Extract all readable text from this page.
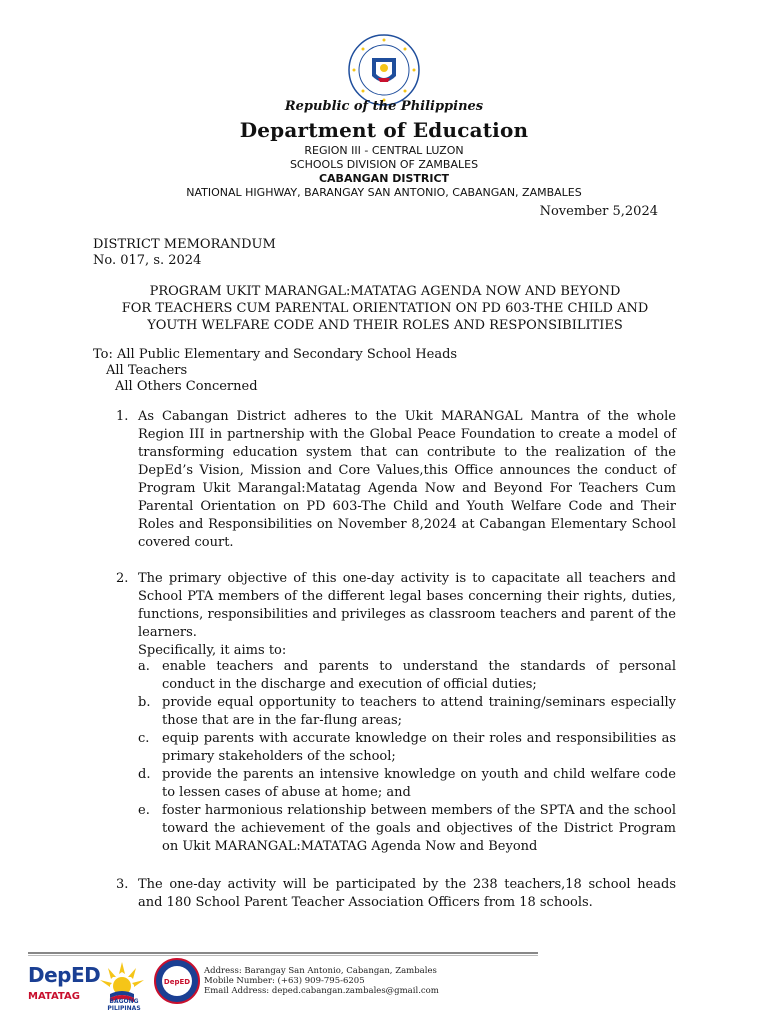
Republic of the Philippines
Department of Education
REGION III - CENTRAL LUZON
SCHOOLS DIVISION OF ZAMBALES
CABANGAN DISTRICT
NATIONAL HIGHWAY, BARANGAY SAN ANTONIO, CABANGAN, ZAMBALES
November 5,2024
DISTRICT MEMORANDUM
No. 017, s. 2024
PROGRAM UKIT MARANGAL:MATATAG AGENDA NOW AND BEYOND
FOR TEACHERS CUM PARENTAL ORIENTATION ON PD 603-THE CHILD AND
YOUTH WELFARE CODE AND THEIR ROLES AND RESPONSIBILITIES
To: All Public Elementary and Secondary School Heads
All Teachers
All Others Concerned
1. As Cabangan District adheres to the Ukit MARANGAL Mantra of the whole Region III in partnership with the Global Peace Foundation to create a model of transforming education system that can contribute to the realization of the DepEd’s Vision, Mission and Core Values,this Office announces the conduct of Program Ukit Marangal:Matatag Agenda Now and Beyond For Teachers Cum Parental Orientation on PD 603-The Child and Youth Welfare Code and Their Roles and Responsibilities on November 8,2024 at Cabangan Elementary School covered court.
2. The primary objective of this one-day activity is to capacitate all teachers and School PTA members of the different legal bases concerning their rights, duties, functions, responsibilities and privileges as classroom teachers and parent of the learners.
Specifically, it aims to:
a. enable teachers and parents to understand the standards of personal conduct in the discharge and execution of official duties;
b. provide equal opportunity to teachers to attend training/seminars especially those that are in the far-flung areas;
c. equip parents with accurate knowledge on their roles and responsibilities as primary stakeholders of the school;
d. provide the parents an intensive knowledge on youth and child welfare code to lessen cases of abuse at home; and
e. foster harmonious relationship between members of the SPTA and the school toward the achievement of the goals and objectives of the District Program on Ukit MARANGAL:MATATAG Agenda Now and Beyond
3. The one-day activity will be participated by the 238 teachers,18 school heads and 180 School Parent Teacher Association Officers from 18 schools.
DepED
MATATAG	BAGONG PILIPINAS
DepED
Address: Barangay San Antonio, Cabangan, Zambales
Mobile Number: (+63) 909-795-6205
Email Address: deped.cabangan.zambales@gmail.com
